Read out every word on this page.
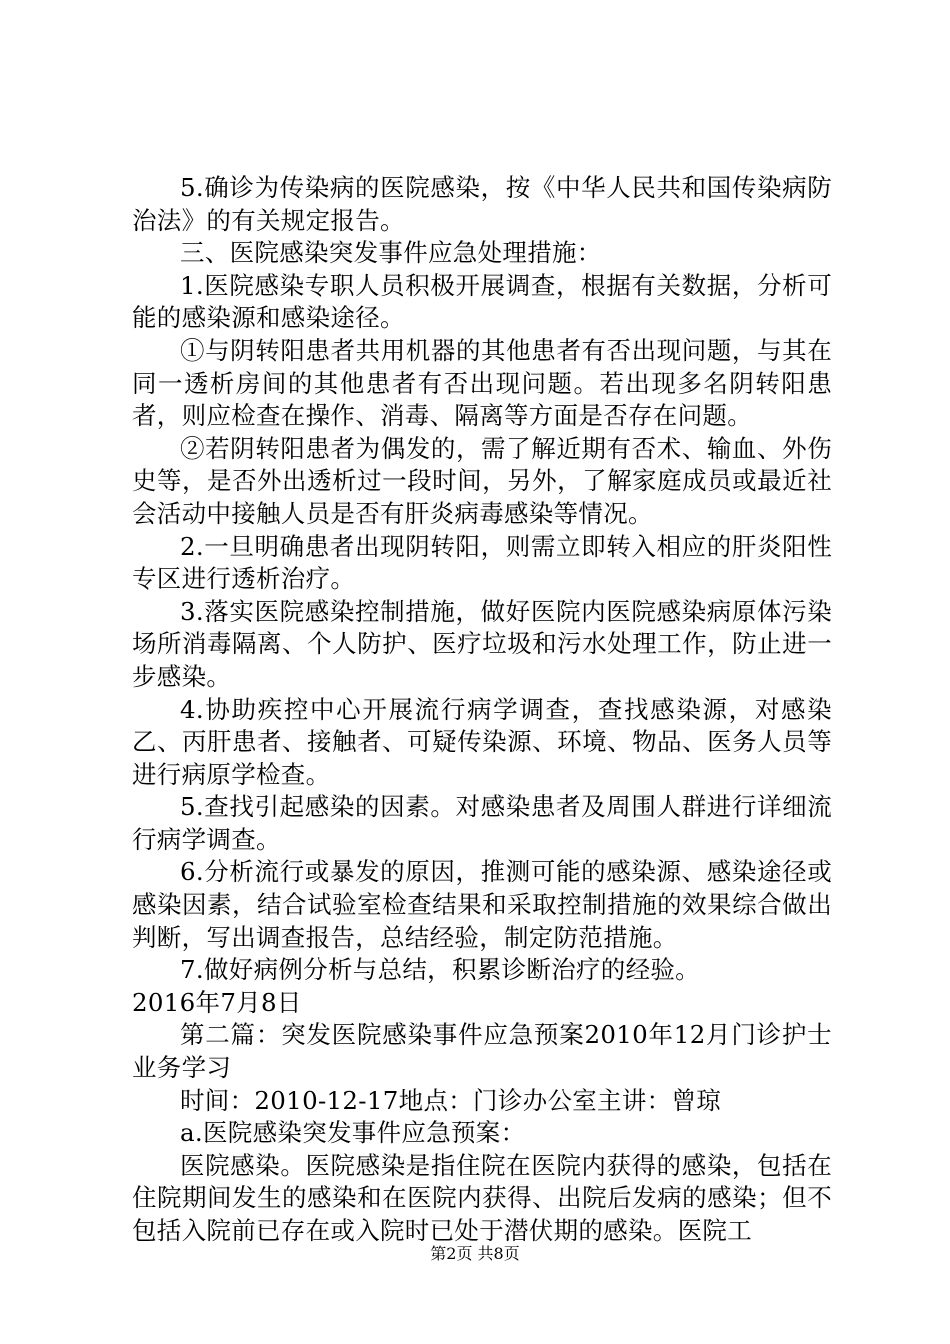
5.确诊为传染病的医院感染，按《中华人民共和国传染病防治法》的有关规定报告。

三、医院感染突发事件应急处理措施：

1.医院感染专职人员积极开展调查，根据有关数据，分析可能的感染源和感染途径。

①与阴转阳患者共用机器的其他患者有否出现问题，与其在同一透析房间的其他患者有否出现问题。若出现多名阴转阳患者，则应检查在操作、消毒、隔离等方面是否存在问题。

②若阴转阳患者为偶发的，需了解近期有否术、输血、外伤史等，是否外出透析过一段时间，另外，了解家庭成员或最近社会活动中接触人员是否有肝炎病毒感染等情况。

2.一旦明确患者出现阴转阳，则需立即转入相应的肝炎阳性专区进行透析治疗。

3.落实医院感染控制措施，做好医院内医院感染病原体污染场所消毒隔离、个人防护、医疗垃圾和污水处理工作，防止进一步感染。

4.协助疾控中心开展流行病学调查，查找感染源，对感染乙、丙肝患者、接触者、可疑传染源、环境、物品、医务人员等进行病原学检查。

5.查找引起感染的因素。对感染患者及周围人群进行详细流行病学调查。

6.分析流行或暴发的原因，推测可能的感染源、感染途径或感染因素，结合试验室检查结果和采取控制措施的效果综合做出判断，写出调查报告，总结经验，制定防范措施。

7.做好病例分析与总结，积累诊断治疗的经验。

2016年7月8日

第二篇：突发医院感染事件应急预案2010年12月门诊护士业务学习

时间：2010-12-17地点：门诊办公室主讲：曾琼

a.医院感染突发事件应急预案：

医院感染。医院感染是指住院在医院内获得的感染，包括在住院期间发生的感染和在医院内获得、出院后发病的感染；但不包括入院前已存在或入院时已处于潜伏期的感染。医院工

第2页 共8页
